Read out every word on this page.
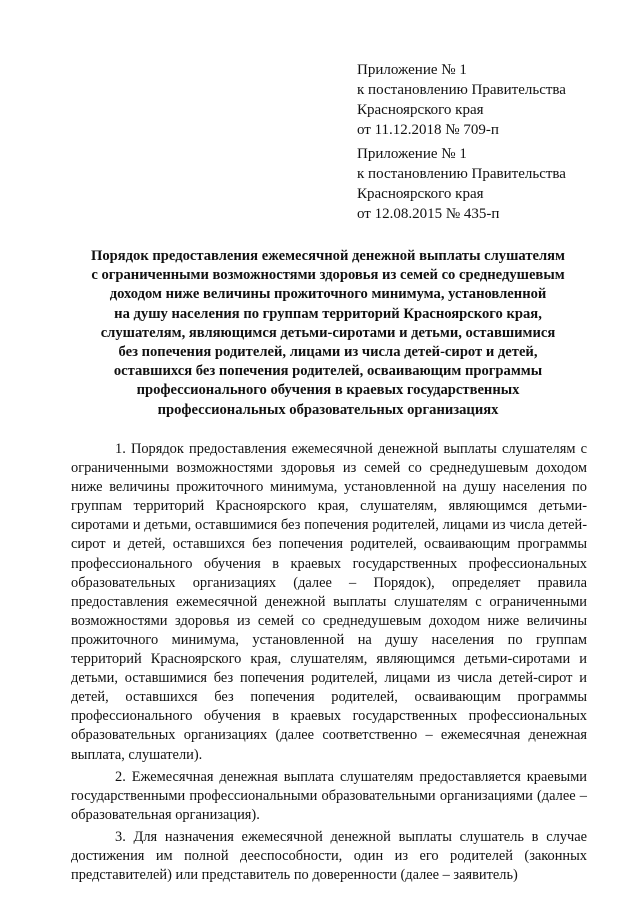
Приложение № 1
к постановлению Правительства
Красноярского края
от 11.12.2018 № 709-п
Приложение № 1
к постановлению Правительства
Красноярского края
от 12.08.2015 № 435-п
Порядок предоставления ежемесячной денежной выплаты слушателям
с ограниченными возможностями здоровья из семей со среднедушевым
доходом ниже величины прожиточного минимума, установленной
на душу населения по группам территорий Красноярского края,
слушателям, являющимся детьми-сиротами и детьми, оставшимися
без попечения родителей, лицами из числа детей-сирот и детей,
оставшихся без попечения родителей, осваивающим программы
профессионального обучения в краевых государственных
профессиональных образовательных организациях

1. Порядок предоставления ежемесячной денежной выплаты слушателям с ограниченными возможностями здоровья из семей со среднедушевым доходом ниже величины прожиточного минимума, установленной на душу населения по группам территорий Красноярского края, слушателям, являющимся детьми-сиротами и детьми, оставшимися без попечения родителей, лицами из числа детей-сирот и детей, оставшихся без попечения родителей, осваивающим программы профессионального обучения в краевых государственных профессиональных образовательных организациях (далее – Порядок), определяет правила предоставления ежемесячной денежной выплаты слушателям с ограниченными возможностями здоровья из семей со среднедушевым доходом ниже величины прожиточного минимума, установленной на душу населения по группам территорий Красноярского края, слушателям, являющимся детьми-сиротами и детьми, оставшимися без попечения родителей, лицами из числа детей-сирот и детей, оставшихся без попечения родителей, осваивающим программы профессионального обучения в краевых государственных профессиональных образовательных организациях (далее соответственно – ежемесячная денежная выплата, слушатели).

2. Ежемесячная денежная выплата слушателям предоставляется краевыми государственными профессиональными образовательными организациями (далее – образовательная организация).

3. Для назначения ежемесячной денежной выплаты слушатель в случае достижения им полной дееспособности, один из его родителей (законных представителей) или представитель по доверенности (далее – заявитель)
